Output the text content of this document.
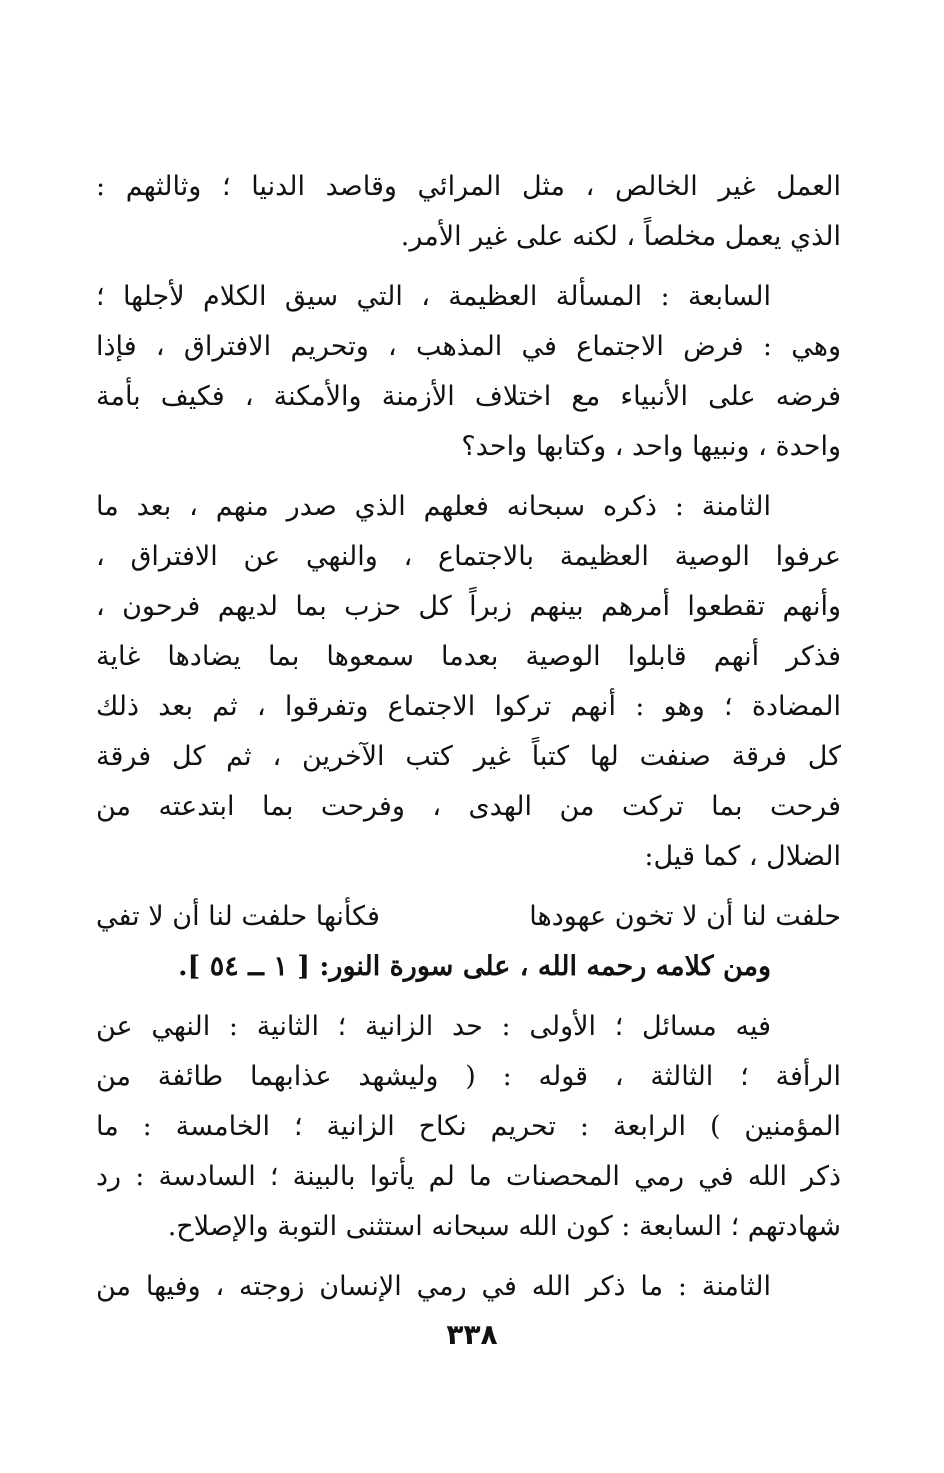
العمل غير الخالص ، مثل المرائي وقاصد الدنيا ؛ وثالثهم :
الذي يعمل مخلصاً ، لكنه على غير الأمر.
السابعة : المسألة العظيمة ، التي سيق الكلام لأجلها ؛
وهي : فرض الاجتماع في المذهب ، وتحريم الافتراق ، فإذا
فرضه على الأنبياء مع اختلاف الأزمنة والأمكنة ، فكيف بأمة
واحدة ، ونبيها واحد ، وكتابها واحد؟
الثامنة : ذكره سبحانه فعلهم الذي صدر منهم ، بعد ما
عرفوا الوصية العظيمة بالاجتماع ، والنهي عن الافتراق ،
وأنهم تقطعوا أمرهم بينهم زبراً كل حزب بما لديهم فرحون ،
فذكر أنهم قابلوا الوصية بعدما سمعوها بما يضادها غاية
المضادة ؛ وهو : أنهم تركوا الاجتماع وتفرقوا ، ثم بعد ذلك
كل فرقة صنفت لها كتباً غير كتب الآخرين ، ثم كل فرقة
فرحت بما تركت من الهدى ، وفرحت بما ابتدعته من
الضلال ، كما قيل:
حلفت لنا أن لا تخون عهودها
فكأنها حلفت لنا أن لا تفي
ومن كلامه رحمه الله ، على سورة النور: [ ١ ــ ٥٤ ].
فيه مسائل ؛ الأولى : حد الزانية ؛ الثانية : النهي عن
الرأفة ؛ الثالثة ، قوله : ( وليشهد عذابهما طائفة من
المؤمنين ) الرابعة : تحريم نكاح الزانية ؛ الخامسة : ما
ذكر الله في رمي المحصنات ما لم يأتوا بالبينة ؛ السادسة : رد
شهادتهم ؛ السابعة : كون الله سبحانه استثنى التوبة والإصلاح.
الثامنة : ما ذكر الله في رمي الإنسان زوجته ، وفيها من
٣٣٨
